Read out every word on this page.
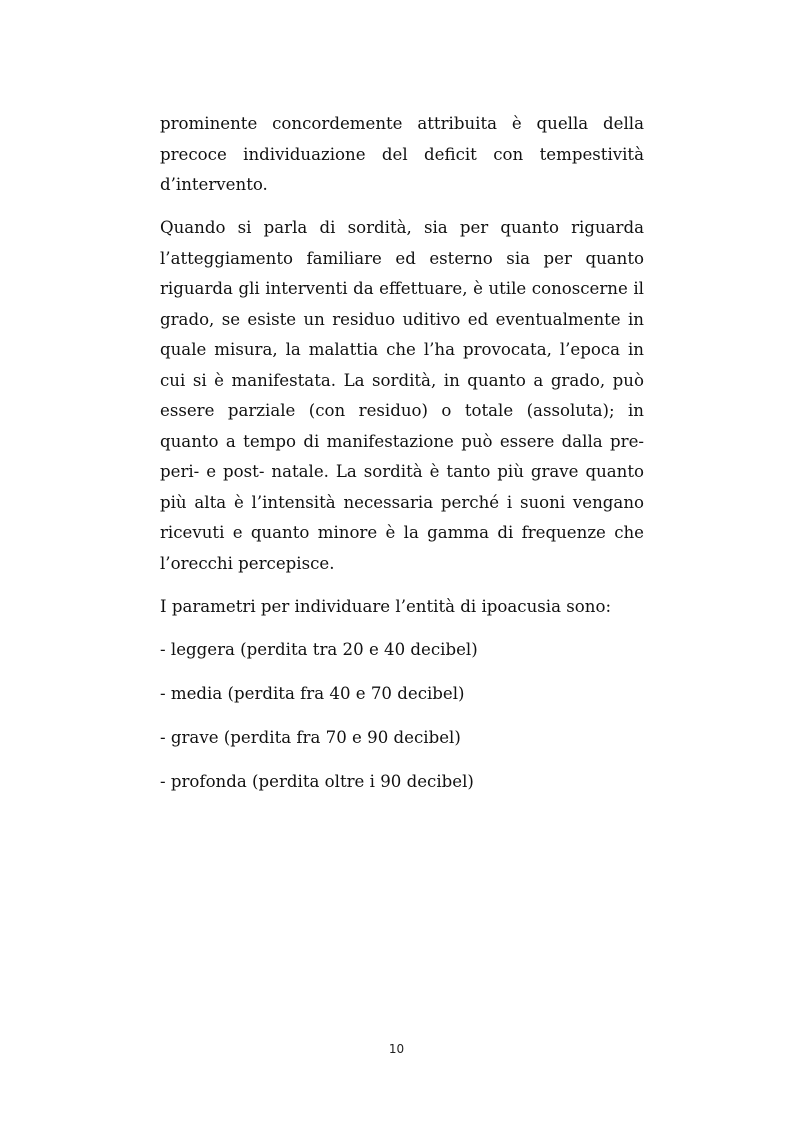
prominente concordemente attribuita è quella della precoce individuazione del deficit con tempestività d’intervento.

Quando si parla di sordità, sia per quanto riguarda l’atteggiamento familiare ed esterno sia per quanto riguarda gli interventi da effettuare, è utile conoscerne il grado, se esiste un residuo uditivo ed eventualmente in quale misura, la malattia che l’ha provocata, l’epoca in cui si è manifestata. La sordità, in quanto a grado, può essere parziale (con residuo) o totale (assoluta); in quanto a tempo di manifestazione può essere dalla pre- peri- e post- natale. La sordità è tanto più grave quanto più alta è l’intensità necessaria perché i suoni vengano ricevuti e quanto minore è la gamma di frequenze che l’orecchi percepisce.

I parametri per individuare l’entità di ipoacusia sono:

- leggera (perdita tra 20 e 40 decibel)

- media (perdita fra 40 e 70 decibel)

- grave (perdita fra 70 e 90 decibel)

- profonda (perdita oltre i 90 decibel)

10
